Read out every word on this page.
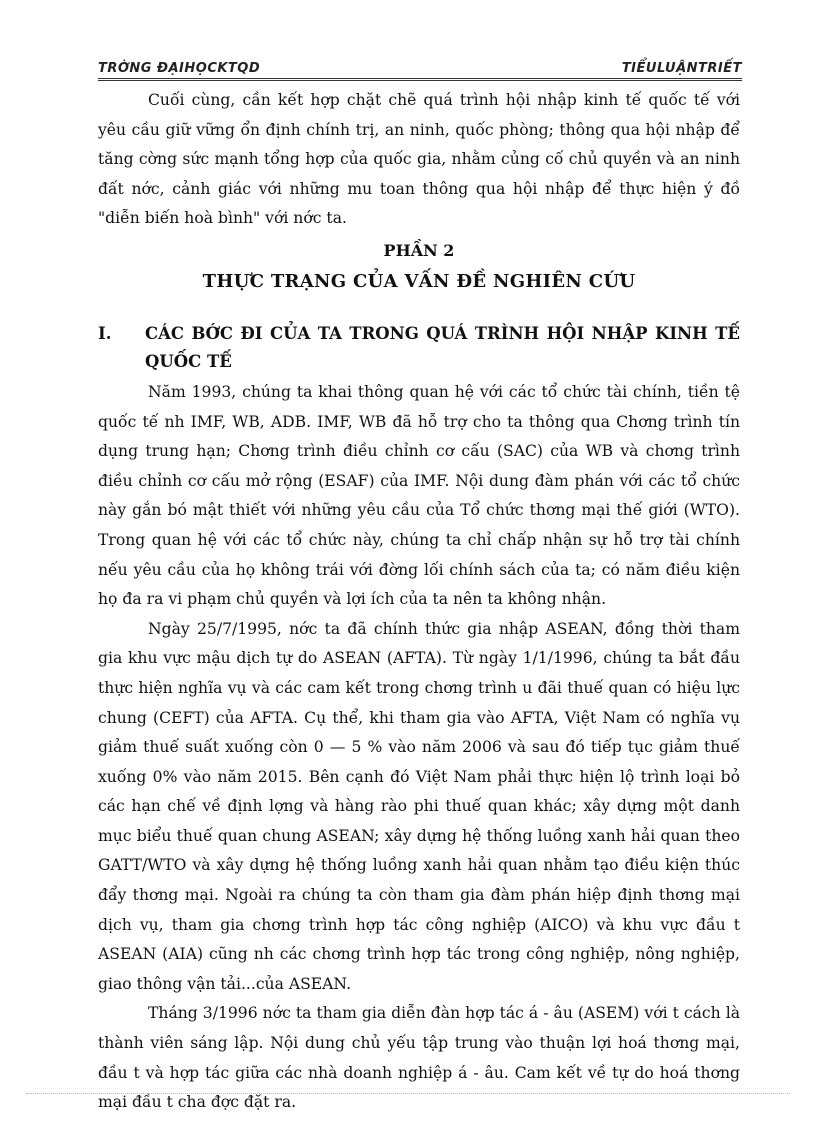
TRỜNG ĐẠIHỌCKTQD	TIỂULUẬNTRIẾT

Cuối cùng, cần kết hợp chặt chẽ quá trình hội nhập kinh tế quốc tế với yêu cầu giữ vững ổn định chính trị, an ninh, quốc phòng; thông qua hội nhập để tăng cờng sức mạnh tổng hợp của quốc gia, nhằm củng cố chủ quyền và an ninh đất nớc, cảnh giác với những mu toan thông qua hội nhập để thực hiện ý đồ "diễn biến hoà bình" với nớc ta.

PHẦN 2
THỰC TRẠNG CỦA VẤN ĐỀ NGHIÊN CỨU
I.	CÁC BỚC ĐI CỦA TA TRONG QUÁ TRÌNH HỘI NHẬP KINH TẾ QUỐC TẾ

Năm 1993, chúng ta khai thông quan hệ với các tổ chức tài chính, tiền tệ quốc tế nh IMF, WB, ADB. IMF, WB đã hỗ trợ cho ta thông qua Chơng trình tín dụng trung hạn; Chơng trình điều chỉnh cơ cấu (SAC) của WB và chơng trình điều chỉnh cơ cấu mở rộng (ESAF) của IMF. Nội dung đàm phán với các tổ chức này gắn bó mật thiết với những yêu cầu của Tổ chức thơng mại thế giới (WTO). Trong quan hệ với các tổ chức này, chúng ta chỉ chấp nhận sự hỗ trợ tài chính nếu yêu cầu của họ không trái với đờng lối chính sách của ta; có năm điều kiện họ đa ra vi phạm chủ quyền và lợi ích của ta nên ta không nhận.

Ngày 25/7/1995, nớc ta đã chính thức gia nhập ASEAN, đồng thời tham gia khu vực mậu dịch tự do ASEAN (AFTA). Từ ngày 1/1/1996, chúng ta bắt đầu thực hiện nghĩa vụ và các cam kết trong chơng trình u đãi thuế quan có hiệu lực chung (CEFT) của AFTA. Cụ thể, khi tham gia vào AFTA, Việt Nam có nghĩa vụ giảm thuế suất xuống còn 0 — 5 % vào năm 2006 và sau đó tiếp tục giảm thuế xuống 0% vào năm 2015. Bên cạnh đó Việt Nam phải thực hiện lộ trình loại bỏ các hạn chế về định lợng và hàng rào phi thuế quan khác; xây dựng một danh mục biểu thuế quan chung ASEAN; xây dựng hệ thống luồng xanh hải quan theo GATT/WTO và xây dựng hệ thống luồng xanh hải quan nhằm tạo điều kiện thúc đẩy thơng mại. Ngoài ra chúng ta còn tham gia đàm phán hiệp định thơng mại dịch vụ, tham gia chơng trình hợp tác công nghiệp (AICO) và khu vực đầu t ASEAN (AIA) cũng nh các chơng trình hợp tác trong công nghiệp, nông nghiệp, giao thông vận tải...của ASEAN.

Tháng 3/1996 nớc ta tham gia diễn đàn hợp tác á - âu (ASEM) với t cách là thành viên sáng lập. Nội dung chủ yếu tập trung vào thuận lợi hoá thơng mại, đầu t và hợp tác giữa các nhà doanh nghiệp á - âu. Cam kết về tự do hoá thơng mại đầu t cha đợc đặt ra.
